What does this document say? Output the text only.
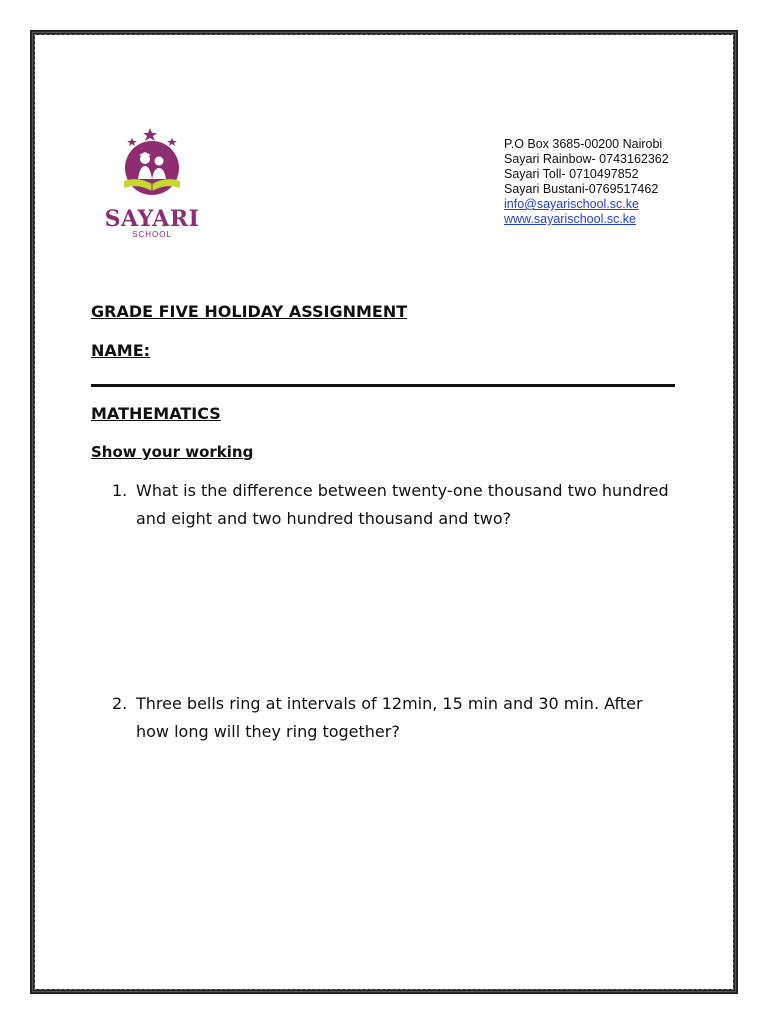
SAYARI
SCHOOL
P.O Box 3685-00200 Nairobi
Sayari Rainbow- 0743162362
Sayari Toll- 0710497852
Sayari Bustani-0769517462
info@sayarischool.sc.ke
www.sayarischool.sc.ke
GRADE FIVE HOLIDAY ASSIGNMENT
NAME:
MATHEMATICS
Show your working
1. What is the difference between twenty-one thousand two hundred and eight and two hundred thousand and two?
2. Three bells ring at intervals of 12min, 15 min and 30 min. After how long will they ring together?
